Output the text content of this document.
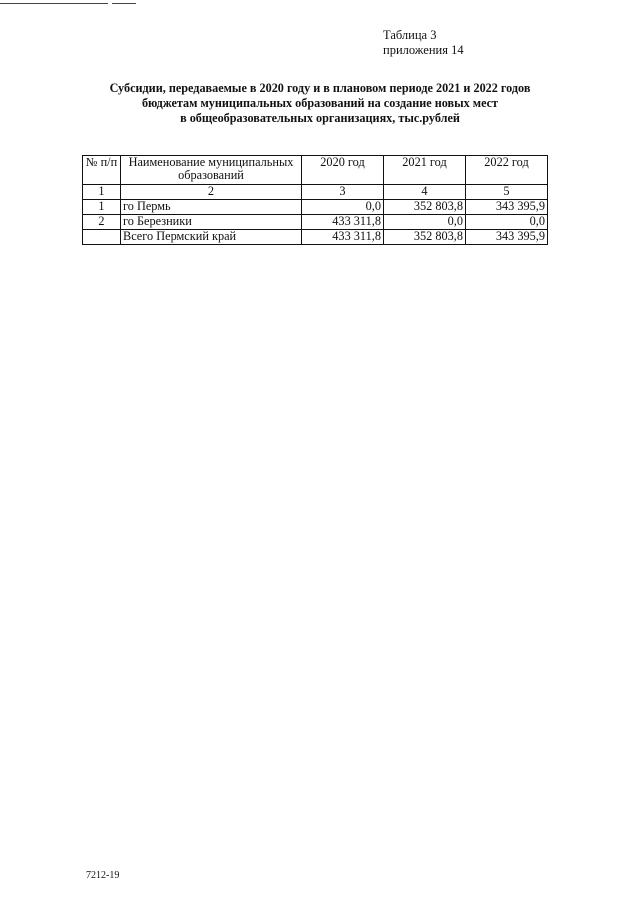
Таблица 3
приложения 14
Субсидии, передаваемые в 2020 году и в плановом периоде 2021 и 2022 годов
бюджетам муниципальных образований на создание новых мест
в общеобразовательных организациях, тыс.рублей
№ п/п	Наименование муниципальных образований	2020 год	2021 год	2022 год
1	2	3	4	5
1	го Пермь	0,0	352 803,8	343 395,9
2	го Березники	433 311,8	0,0	0,0
	Всего Пермский край	433 311,8	352 803,8	343 395,9
7212-19
